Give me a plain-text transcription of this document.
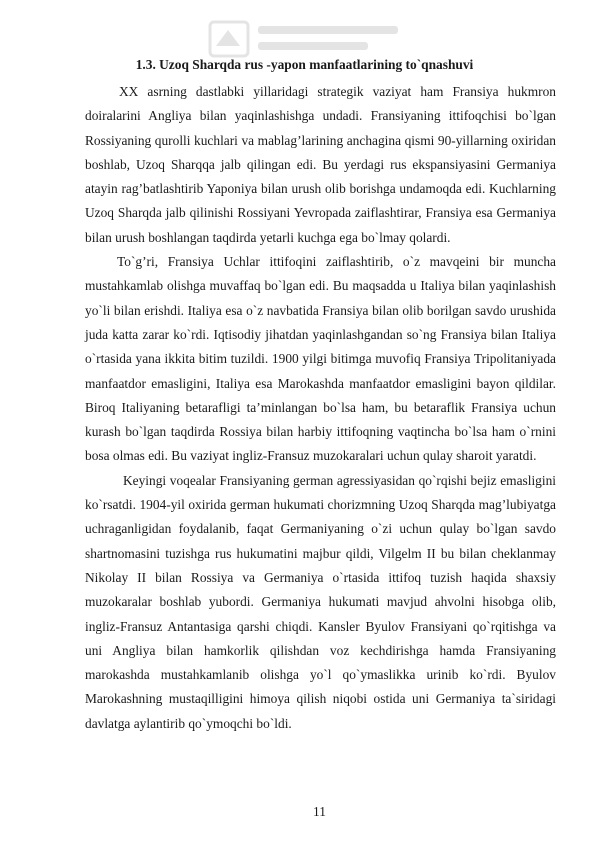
1.3. Uzoq Sharqda rus -yapon manfaatlarining to`qnashuvi

XX asrning dastlabki yillaridagi strategik vaziyat ham Fransiya hukmron doiralarini Angliya bilan yaqinlashishga undadi. Fransiyaning ittifoqchisi bo`lgan Rossiyaning qurolli kuchlari va mablag’larining anchagina qismi 90-yillarning oxiridan boshlab, Uzoq Sharqqa jalb qilingan edi. Bu yerdagi rus ekspansiyasini Germaniya atayin rag’batlashtirib Yaponiya bilan urush olib borishga undamoqda edi. Kuchlarning Uzoq Sharqda jalb qilinishi Rossiyani Yevropada zaiflashtirar, Fransiya esa Germaniya bilan urush boshlangan taqdirda yetarli kuchga ega bo`lmay qolardi.

To`g’ri, Fransiya Uchlar ittifoqini zaiflashtirib, o`z mavqeini bir muncha mustahkamlab olishga muvaffaq bo`lgan edi. Bu maqsadda u Italiya bilan yaqinlashish yo`li bilan erishdi. Italiya esa o`z navbatida Fransiya bilan olib borilgan savdo urushida juda katta zarar ko`rdi. Iqtisodiy jihatdan yaqinlashgandan so`ng Fransiya bilan Italiya o`rtasida yana ikkita bitim tuzildi. 1900 yilgi bitimga muvofiq Fransiya Tripolitaniyada manfaatdor emasligini, Italiya esa Marokashda manfaatdor emasligini bayon qildilar. Biroq Italiyaning betarafligi ta’minlangan bo`lsa ham, bu betaraflik Fransiya uchun kurash bo`lgan taqdirda Rossiya bilan harbiy ittifoqning vaqtincha bo`lsa ham o`rnini bosa olmas edi. Bu vaziyat ingliz-Fransuz muzokaralari uchun qulay sharoit yaratdi.

Keyingi voqealar Fransiyaning german agressiyasidan qo`rqishi bejiz emasligini ko`rsatdi. 1904-yil oxirida german hukumati chorizmning Uzoq Sharqda mag’lubiyatga uchraganligidan foydalanib, faqat Germaniyaning o`zi uchun qulay bo`lgan savdo shartnomasini tuzishga rus hukumatini majbur qildi, Vilgelm II bu bilan cheklanmay Nikolay II bilan Rossiya va Germaniya o`rtasida ittifoq tuzish haqida shaxsiy muzokaralar boshlab yubordi. Germaniya hukumati mavjud ahvolni hisobga olib, ingliz-Fransuz Antantasiga qarshi chiqdi. Kansler Byulov Fransiyani qo`rqitishga va uni Angliya bilan hamkorlik qilishdan voz kechdirishga hamda Fransiyaning marokashda mustahkamlanib olishga yo`l qo`ymaslikka urinib ko`rdi. Byulov Marokashning mustaqilligini himoya qilish niqobi ostida uni Germaniya ta`siridagi davlatga aylantirib qo`ymoqchi bo`ldi.

11
